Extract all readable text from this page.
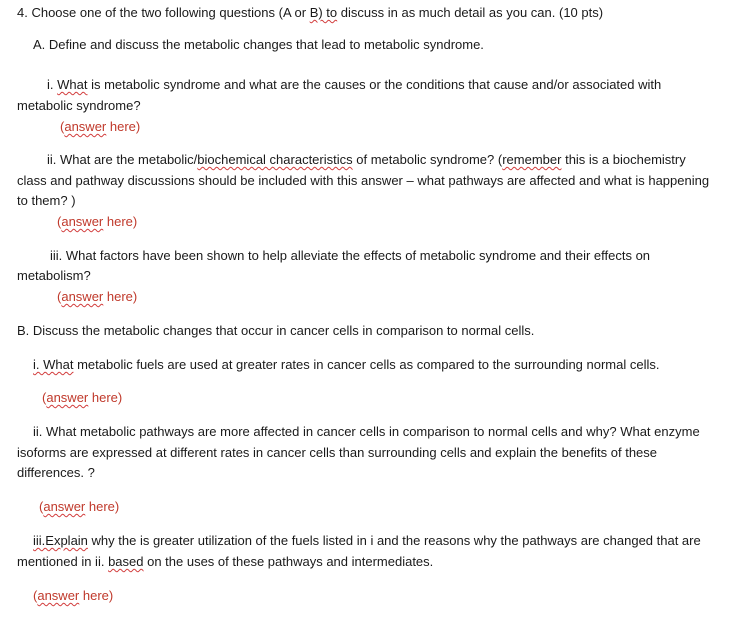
4. Choose one of the two following questions (A or B) to discuss in as much detail as you can. (10 pts)
A. Define and discuss the metabolic changes that lead to metabolic syndrome.
i. What is metabolic syndrome and what are the causes or the conditions that cause and/or associated with
metabolic syndrome?
(answer here)
ii. What are the metabolic/biochemical characteristics of metabolic syndrome? (remember this is a biochemistry
class and pathway discussions should be included with this answer – what pathways are affected and what is happening
to them? )
(answer here)
iii. What factors have been shown to help alleviate the effects of metabolic syndrome and their effects on
metabolism?
(answer here)
B. Discuss the metabolic changes that occur in cancer cells in comparison to normal cells.
i. What metabolic fuels are used at greater rates in cancer cells as compared to the surrounding normal cells.
(answer here)
ii. What metabolic pathways are more affected in cancer cells in comparison to normal cells and why? What enzyme
isoforms are expressed at different rates in cancer cells than surrounding cells and explain the benefits of these
differences. ?
(answer here)
iii.Explain why the is greater utilization of the fuels listed in i and the reasons why the pathways are changed that are
mentioned in ii. based on the uses of these pathways and intermediates.
(answer here)
